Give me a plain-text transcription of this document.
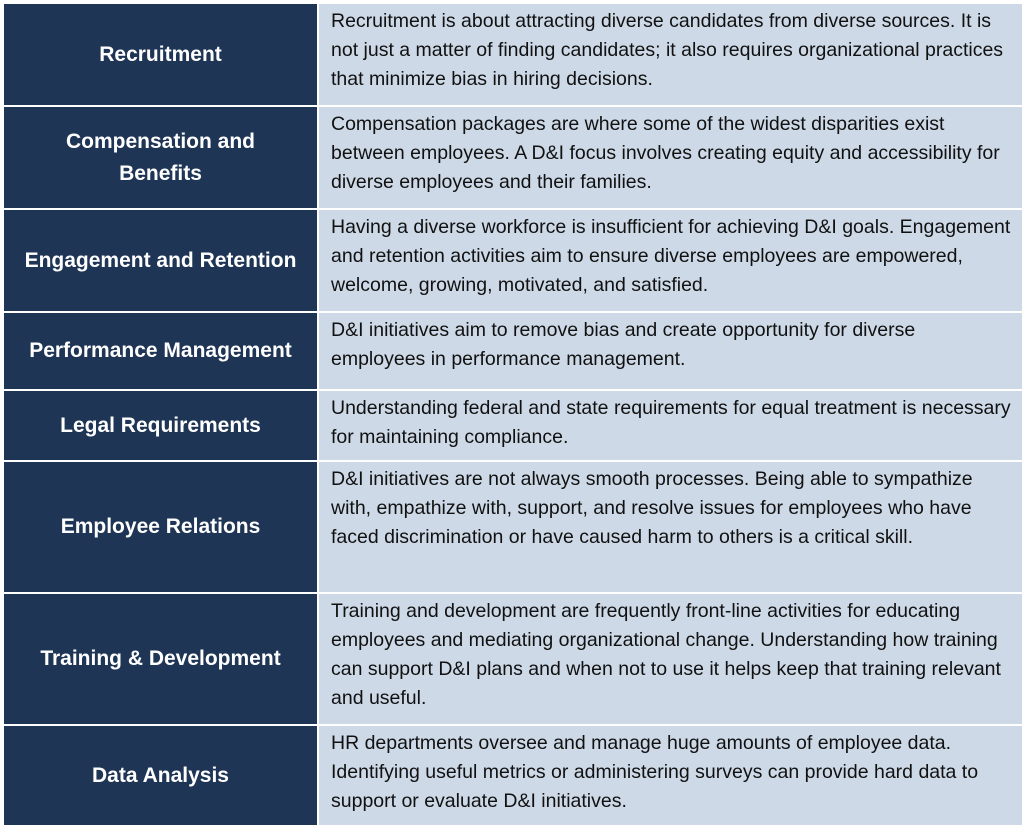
Recruitment	Recruitment is about attracting diverse candidates from diverse sources. It is not just a matter of finding candidates; it also requires organizational practices that minimize bias in hiring decisions.
Compensation and Benefits	Compensation packages are where some of the widest disparities exist between employees. A D&I focus involves creating equity and accessibility for diverse employees and their families.
Engagement and Retention	Having a diverse workforce is insufficient for achieving D&I goals. Engagement and retention activities aim to ensure diverse employees are empowered, welcome, growing, motivated, and satisfied.
Performance Management	D&I initiatives aim to remove bias and create opportunity for diverse employees in performance management.
Legal Requirements	Understanding federal and state requirements for equal treatment is necessary for maintaining compliance.
Employee Relations	D&I initiatives are not always smooth processes. Being able to sympathize with, empathize with, support, and resolve issues for employees who have faced discrimination or have caused harm to others is a critical skill.
Training & Development	Training and development are frequently front-line activities for educating employees and mediating organizational change. Understanding how training can support D&I plans and when not to use it helps keep that training relevant and useful.
Data Analysis	HR departments oversee and manage huge amounts of employee data. Identifying useful metrics or administering surveys can provide hard data to support or evaluate D&I initiatives.
